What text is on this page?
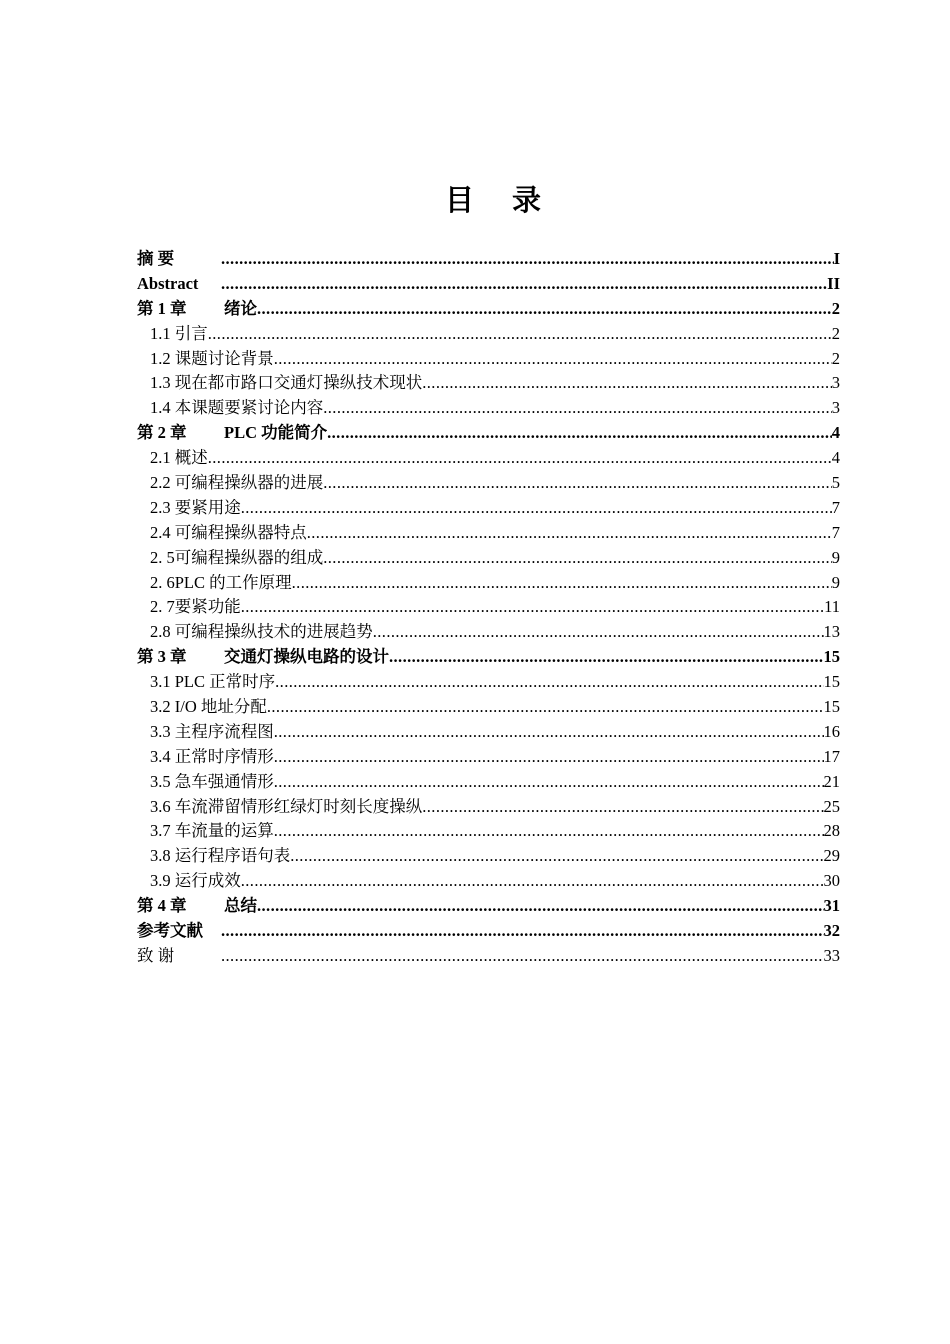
目 录
摘 要 .....	I
Abstract .....	II
第 1 章	绪论 .....	2
1.1 引言 .....	2
1.2 课题讨论背景 .....	2
1.3 现在都市路口交通灯操纵技术现状 .....	3
1.4 本课题要紧讨论内容 .....	3
第 2 章	PLC 功能简介 .....	4
2.1 概述 .....	4
2.2 可编程操纵器的进展 .....	5
2.3 要紧用途 .....	7
2.4 可编程操纵器特点 .....	7
2. 5可编程操纵器的组成 .....	9
2. 6PLC 的工作原理 .....	9
2. 7要紧功能 .....	11
2.8 可编程操纵技术的进展趋势 .....	13
第 3 章	交通灯操纵电路的设计 .....	15
3.1 PLC 正常时序 .....	15
3.2 I/O 地址分配 .....	15
3.3 主程序流程图 .....	16
3.4 正常时序情形 .....	17
3.5 急车强通情形 .....	21
3.6 车流滞留情形红绿灯时刻长度操纵 .....	25
3.7 车流量的运算 .....	28
3.8 运行程序语句表 .....	29
3.9 运行成效 .....	30
第 4 章	总结 .....	31
参考文献 .....	32
致 谢 .....	33
